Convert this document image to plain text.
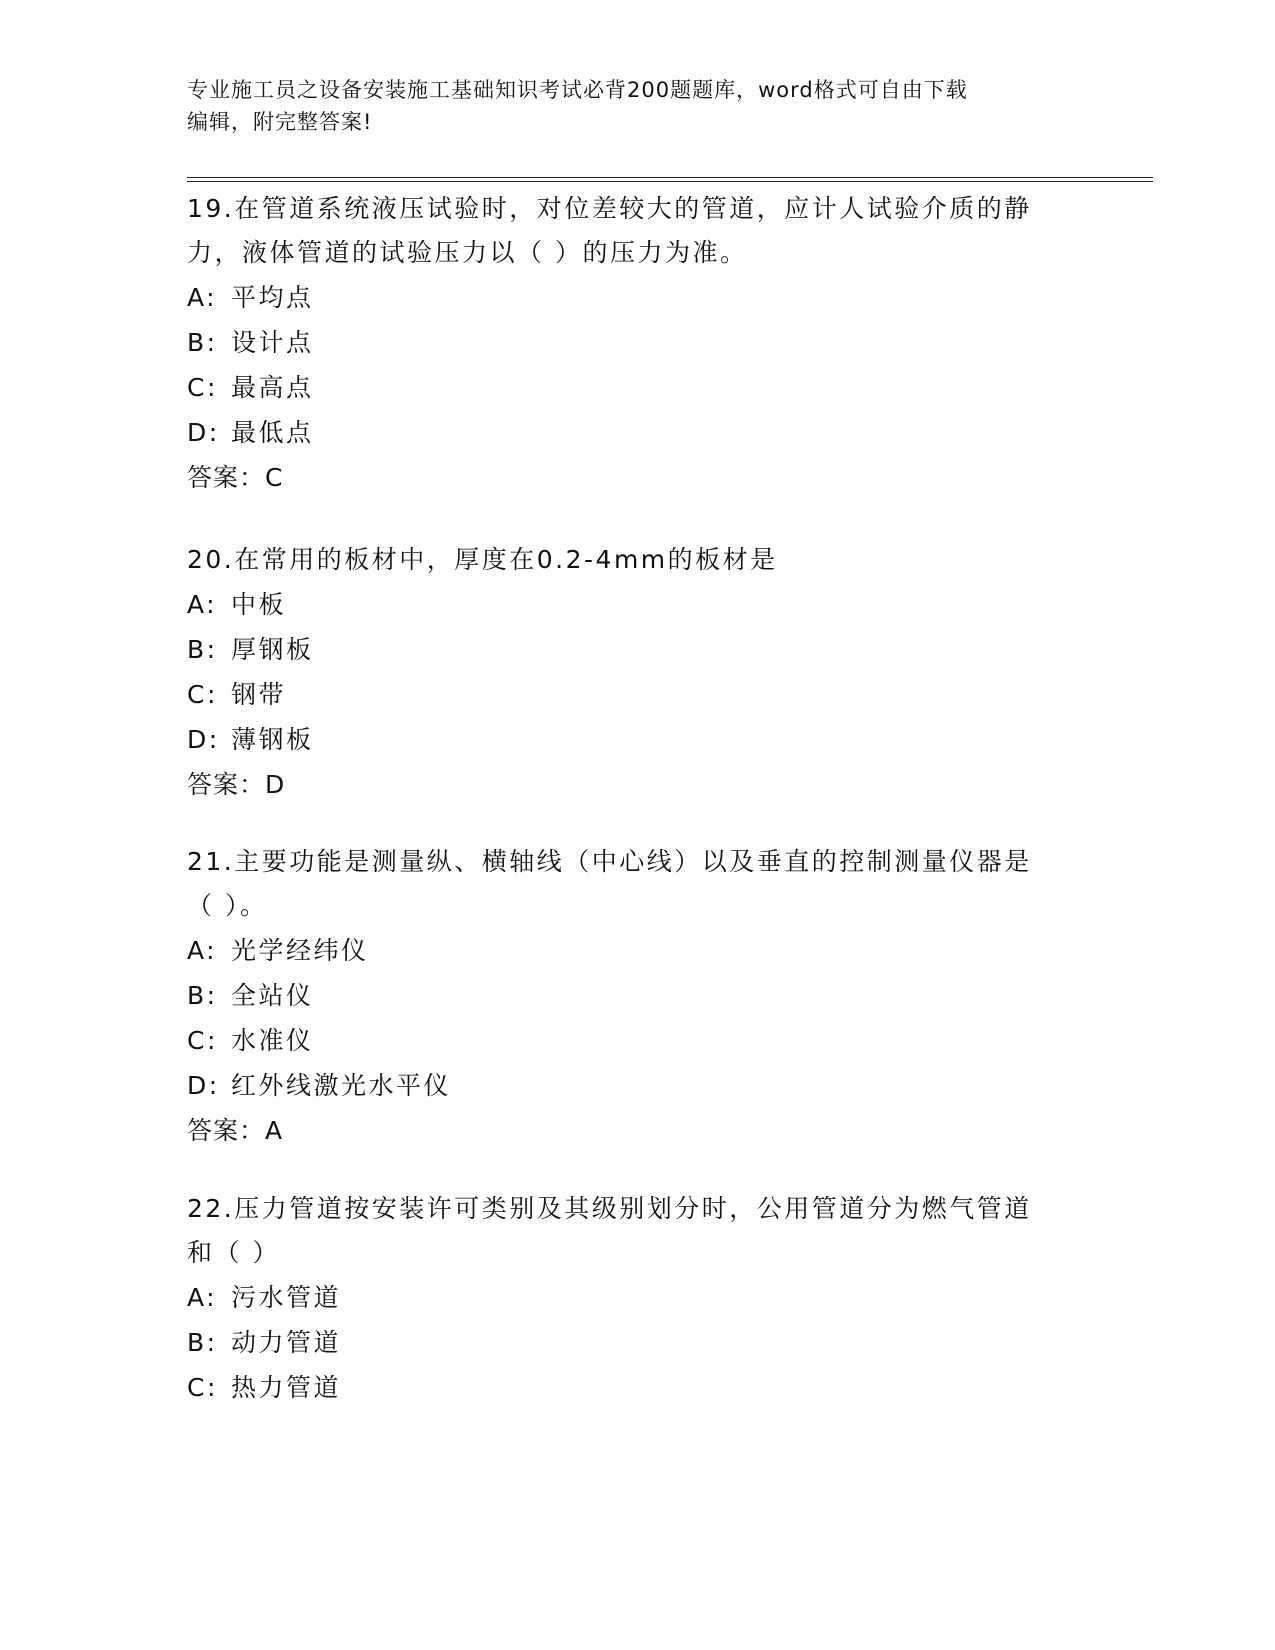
专业施工员之设备安装施工基础知识考试必背200题题库，word格式可自由下载
编辑，附完整答案!
19.在管道系统液压试验时，对位差较大的管道，应计人试验介质的静
力，液体管道的试验压力以（ ）的压力为准。
A: 平均点
B: 设计点
C: 最高点
D: 最低点
答案：C
20.在常用的板材中，厚度在0.2-4mm的板材是
A: 中板
B: 厚钢板
C: 钢带
D: 薄钢板
答案：D
21.主要功能是测量纵、横轴线（中心线）以及垂直的控制测量仪器是
（ ）。
A: 光学经纬仪
B: 全站仪
C: 水准仪
D: 红外线激光水平仪
答案：A
22.压力管道按安装许可类别及其级别划分时，公用管道分为燃气管道
和（ ）
A: 污水管道
B: 动力管道
C: 热力管道
